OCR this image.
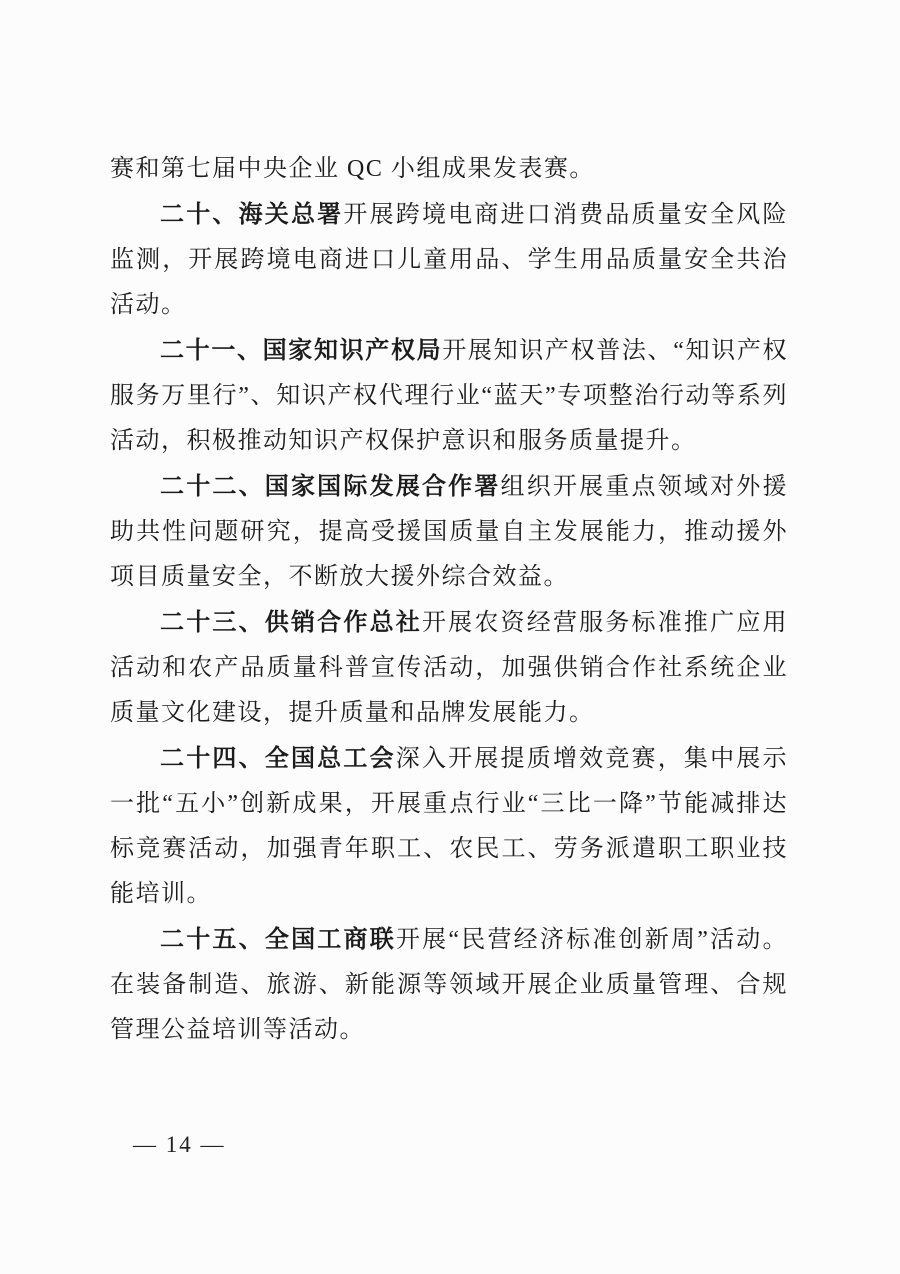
赛和第七届中央企业 QC 小组成果发表赛。

二十、海关总署开展跨境电商进口消费品质量安全风险监测，开展跨境电商进口儿童用品、学生用品质量安全共治活动。

二十一、国家知识产权局开展知识产权普法、“知识产权服务万里行”、知识产权代理行业“蓝天”专项整治行动等系列活动，积极推动知识产权保护意识和服务质量提升。

二十二、国家国际发展合作署组织开展重点领域对外援助共性问题研究，提高受援国质量自主发展能力，推动援外项目质量安全，不断放大援外综合效益。

二十三、供销合作总社开展农资经营服务标准推广应用活动和农产品质量科普宣传活动，加强供销合作社系统企业质量文化建设，提升质量和品牌发展能力。

二十四、全国总工会深入开展提质增效竞赛，集中展示一批“五小”创新成果，开展重点行业“三比一降”节能减排达标竞赛活动，加强青年职工、农民工、劳务派遣职工职业技能培训。

二十五、全国工商联开展“民营经济标准创新周”活动。在装备制造、旅游、新能源等领域开展企业质量管理、合规管理公益培训等活动。

— 14 —
